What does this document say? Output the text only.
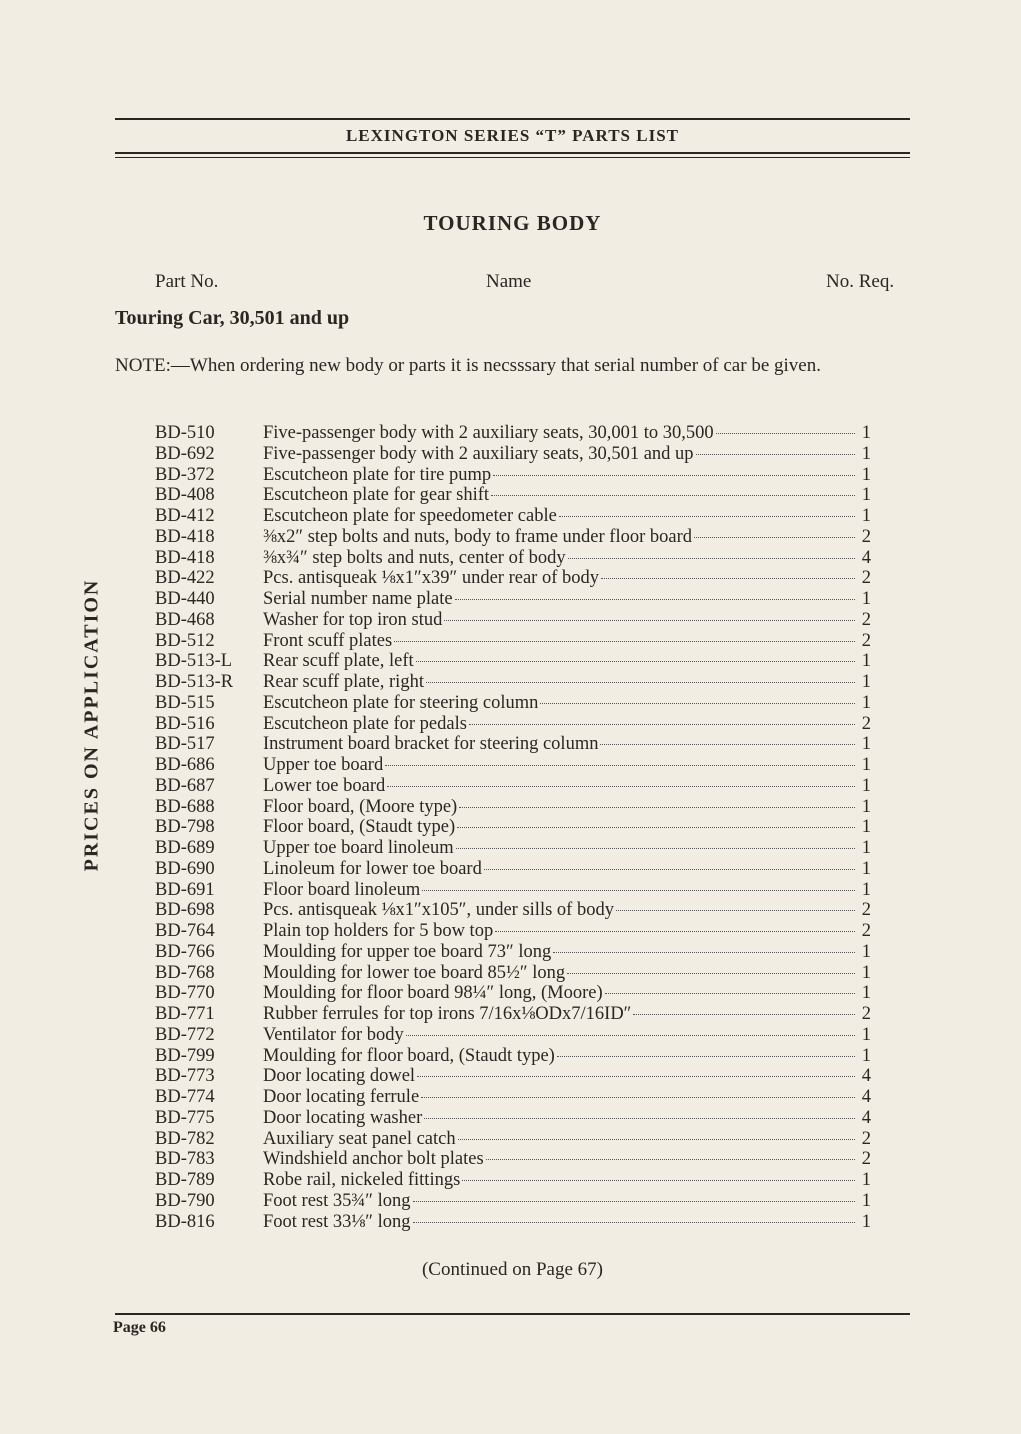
LEXINGTON SERIES “T” PARTS LIST
TOURING BODY
Part No.	Name	No. Req.
Touring Car, 30,501 and up
NOTE:—When ordering new body or parts it is necsssary that serial number of car be given.
PRICES ON APPLICATION
BD-510	Five-passenger body with 2 auxiliary seats, 30,001 to 30,500	1
BD-692	Five-passenger body with 2 auxiliary seats, 30,501 and up	1
BD-372	Escutcheon plate for tire pump	1
BD-408	Escutcheon plate for gear shift	1
BD-412	Escutcheon plate for speedometer cable	1
BD-418	⅜x2″ step bolts and nuts, body to frame under floor board	2
BD-418	⅜x¾″ step bolts and nuts, center of body	4
BD-422	Pcs. antisqueak ⅛x1″x39″ under rear of body	2
BD-440	Serial number name plate	1
BD-468	Washer for top iron stud	2
BD-512	Front scuff plates	2
BD-513-L	Rear scuff plate, left	1
BD-513-R	Rear scuff plate, right	1
BD-515	Escutcheon plate for steering column	1
BD-516	Escutcheon plate for pedals	2
BD-517	Instrument board bracket for steering column	1
BD-686	Upper toe board	1
BD-687	Lower toe board	1
BD-688	Floor board, (Moore type)	1
BD-798	Floor board, (Staudt type)	1
BD-689	Upper toe board linoleum	1
BD-690	Linoleum for lower toe board	1
BD-691	Floor board linoleum	1
BD-698	Pcs. antisqueak ⅛x1″x105″, under sills of body	2
BD-764	Plain top holders for 5 bow top	2
BD-766	Moulding for upper toe board 73″ long	1
BD-768	Moulding for lower toe board 85½″ long	1
BD-770	Moulding for floor board 98¼″ long, (Moore)	1
BD-771	Rubber ferrules for top irons 7/16x⅛ODx7/16ID″	2
BD-772	Ventilator for body	1
BD-799	Moulding for floor board, (Staudt type)	1
BD-773	Door locating dowel	4
BD-774	Door locating ferrule	4
BD-775	Door locating washer	4
BD-782	Auxiliary seat panel catch	2
BD-783	Windshield anchor bolt plates	2
BD-789	Robe rail, nickeled fittings	1
BD-790	Foot rest 35¾″ long	1
BD-816	Foot rest 33⅛″ long	1
(Continued on Page 67)
Page 66
